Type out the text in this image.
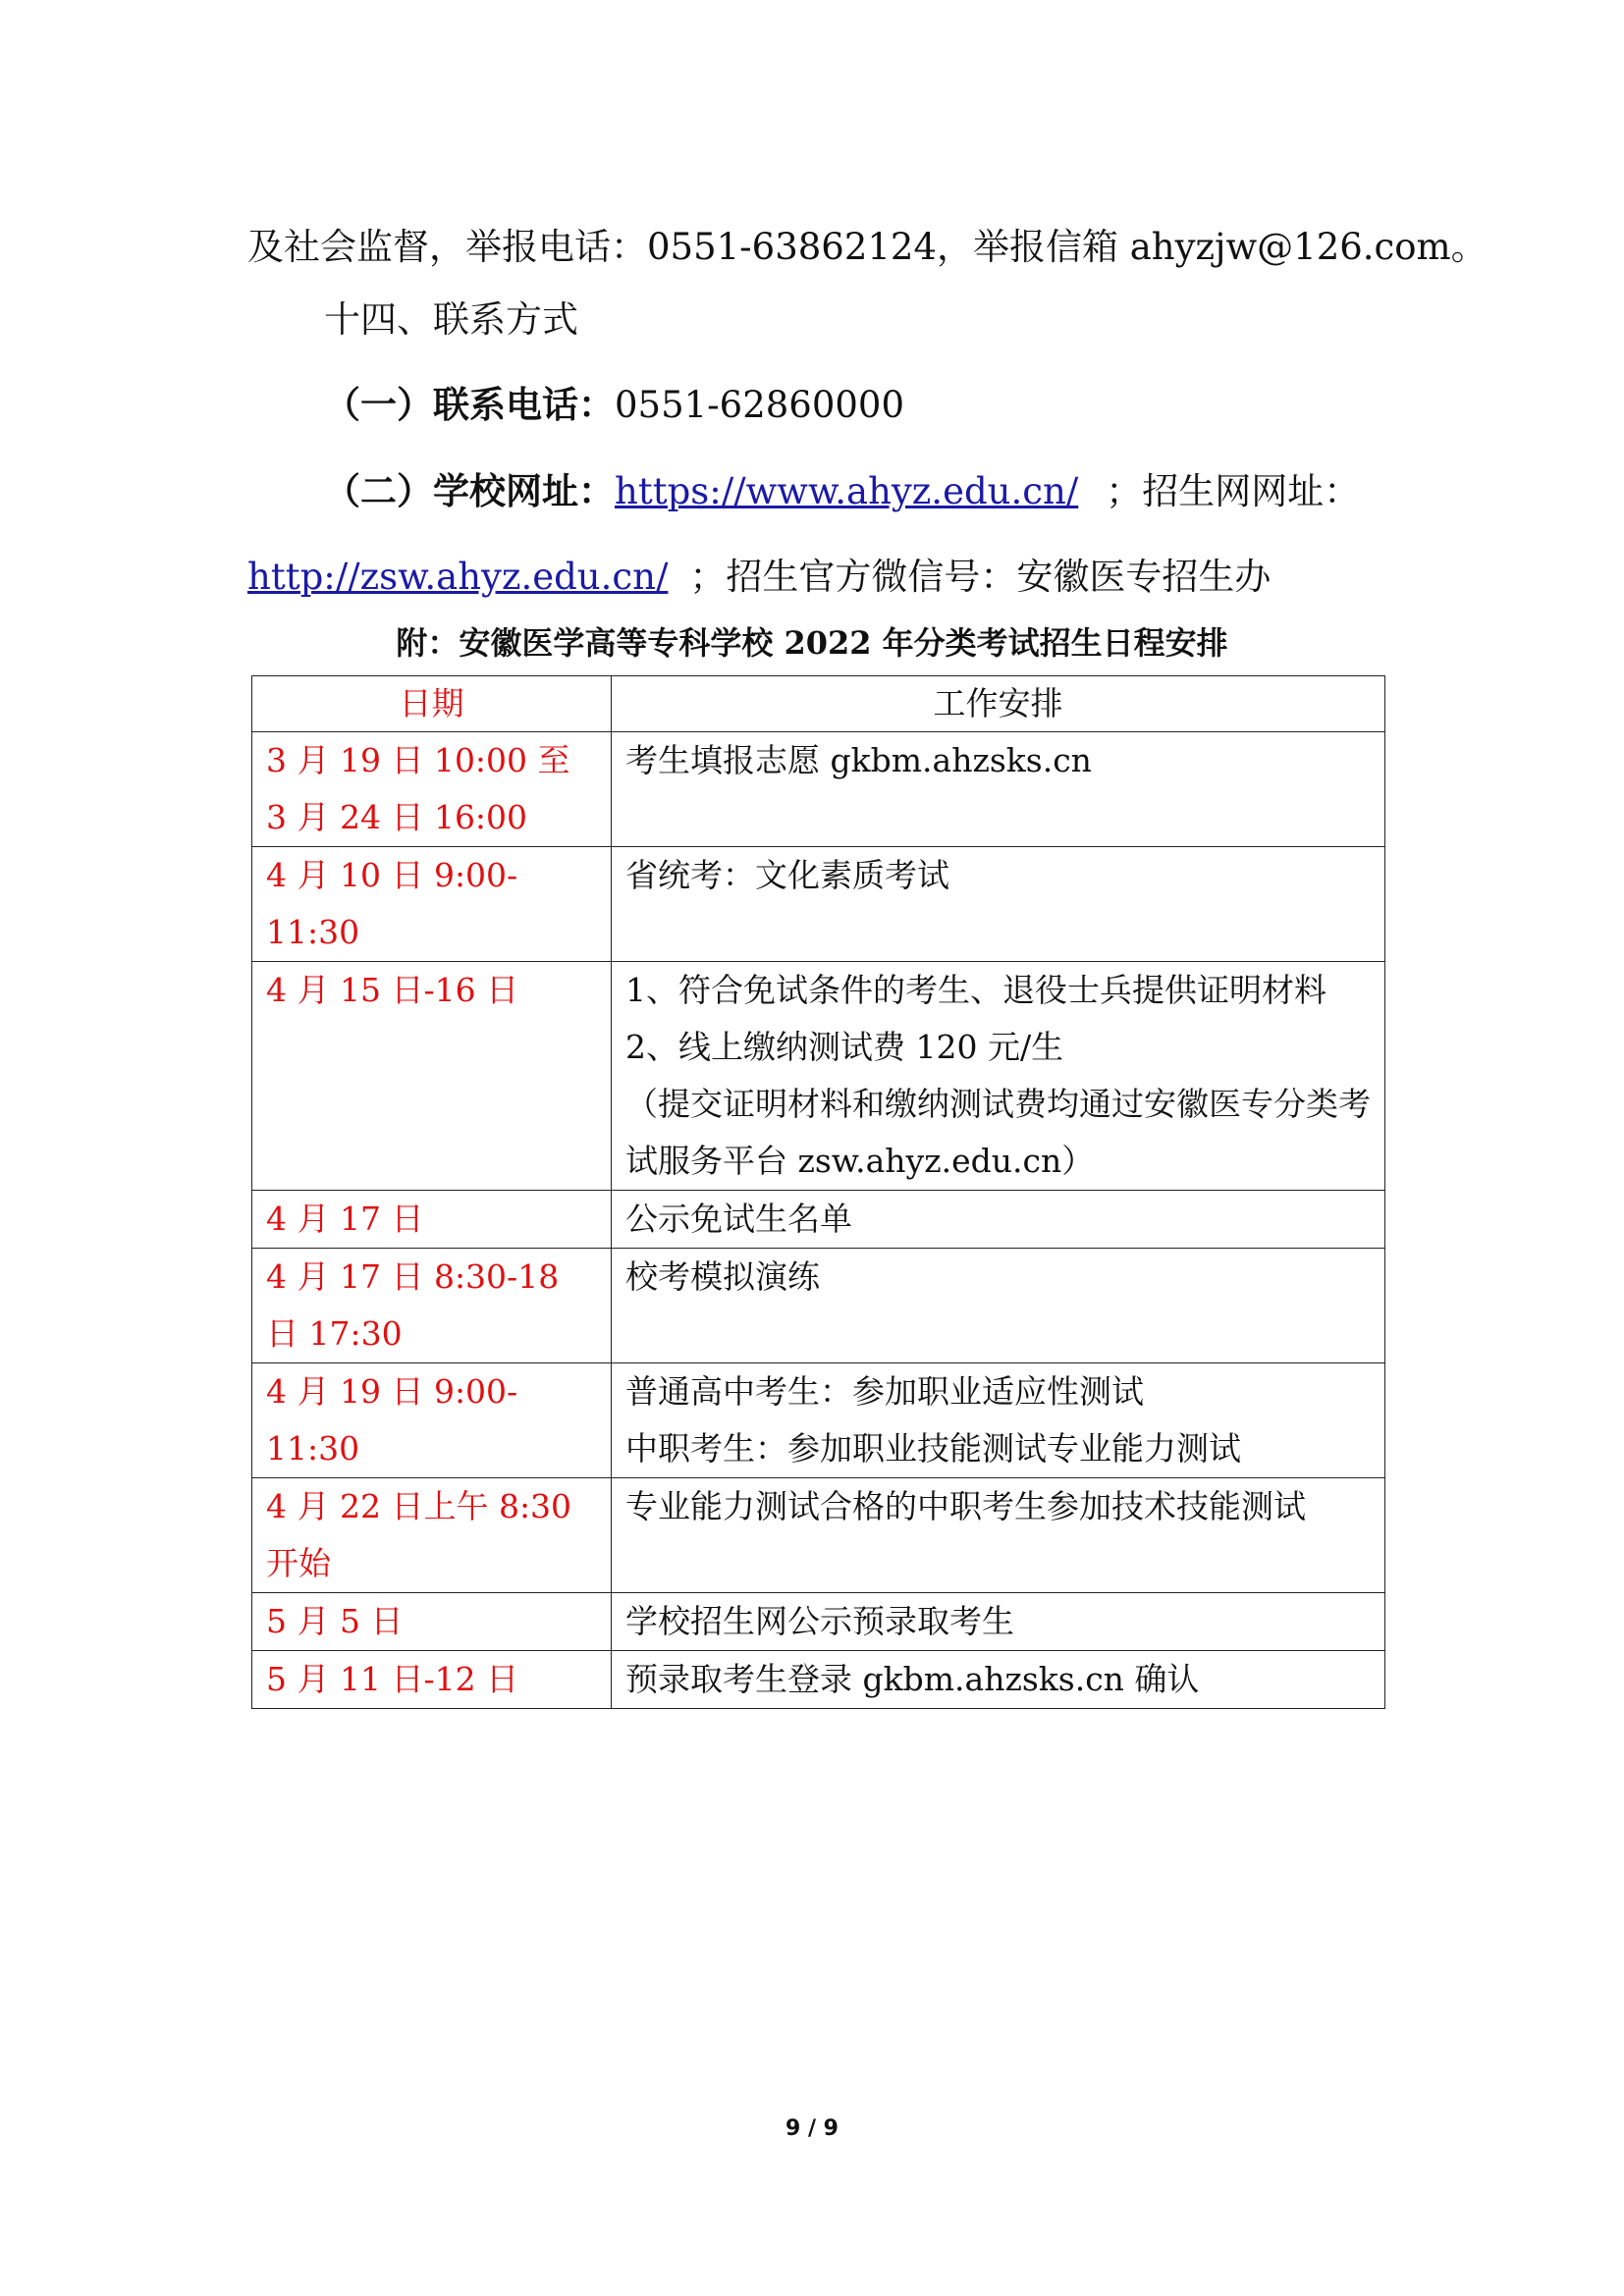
及社会监督，举报电话：0551-63862124，举报信箱 ahyzjw@126.com。
十四、联系方式
（一）联系电话：0551-62860000
（二）学校网址：https://www.ahyz.edu.cn/ ；招生网网址：
http://zsw.ahyz.edu.cn/ ；招生官方微信号：安徽医专招生办
附：安徽医学高等专科学校 2022 年分类考试招生日程安排
日期	工作安排
3 月 19 日 10:00 至 3 月 24 日 16:00	考生填报志愿 gkbm.ahzsks.cn

4 月 10 日 9:00-11:30	省统考：文化素质考试

4 月 15 日-16 日	1、符合免试条件的考生、退役士兵提供证明材料
2、线上缴纳测试费 120 元/生
（提交证明材料和缴纳测试费均通过安徽医专分类考试服务平台 zsw.ahyz.edu.cn）

4 月 17 日	公示免试生名单

4 月 17 日 8:30-18 日 17:30	校考模拟演练

4 月 19 日 9:00-11:30	普通高中考生：参加职业适应性测试
中职考生：参加职业技能测试专业能力测试

4 月 22 日上午 8:30 开始	专业能力测试合格的中职考生参加技术技能测试

5 月 5 日	学校招生网公示预录取考生

5 月 11 日-12 日	预录取考生登录 gkbm.ahzsks.cn 确认
9 / 9
